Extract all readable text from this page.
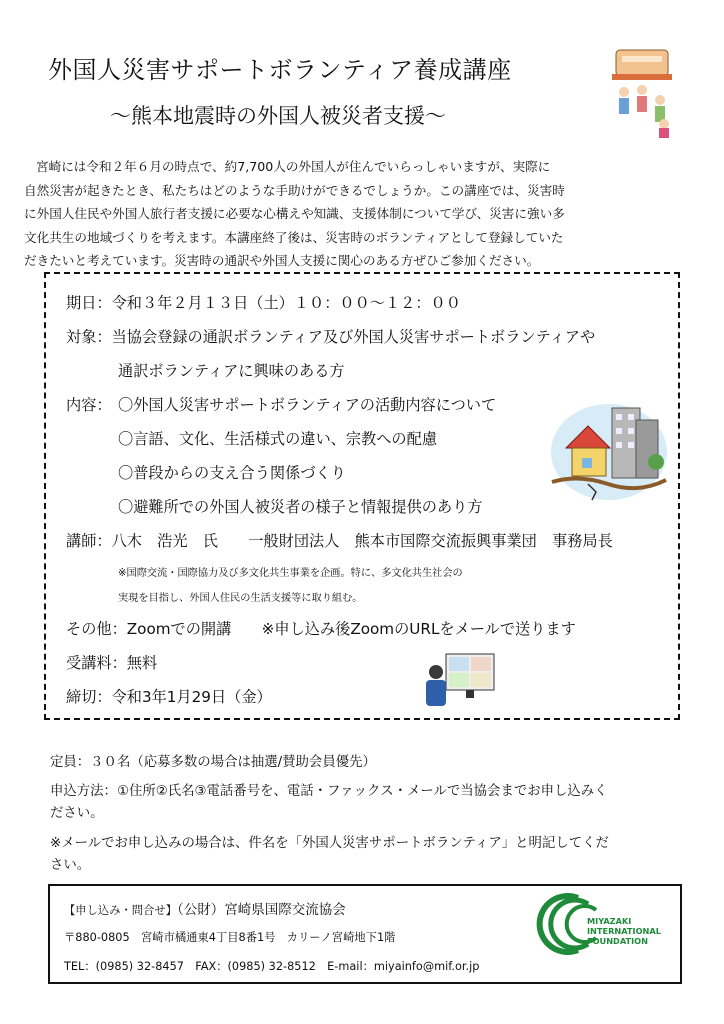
外国人災害サポートボランティア養成講座
〜熊本地震時の外国人被災者支援〜

宮崎には令和２年６月の時点で、約7,700人の外国人が住んでいらっしゃいますが、実際に

自然災害が起きたとき、私たちはどのような手助けができるでしょうか。この講座では、災害時

に外国人住民や外国人旅行者支援に必要な心構えや知識、支援体制について学び、災害に強い多

文化共生の地域づくりを考えます。本講座終了後は、災害時のボランティアとして登録していた

だきたいと考えています。災害時の通訳や外国人支援に関心のある方ぜひご参加ください。

期日：令和３年２月１３日（土）１０：００〜１２：００
対象：当協会登録の通訳ボランティア及び外国人災害サポートボランティアや
通訳ボランティアに興味のある方
内容： 〇外国人災害サポートボランティアの活動内容について
〇言語、文化、生活様式の違い、宗教への配慮
〇普段からの支え合う関係づくり
〇避難所での外国人被災者の様子と情報提供のあり方
講師：八木　浩光　氏　　一般財団法人　熊本市国際交流振興事業団　事務局長
※国際交流・国際協力及び多文化共生事業を企画。特に、多文化共生社会の
実現を目指し、外国人住民の生活支援等に取り組む。
その他：Zoomでの開講　　※申し込み後ZoomのURLをメールで送ります
受講料：無料
締切：令和3年1月29日（金）
定員：３０名（応募多数の場合は抽選/賛助会員優先）
申込方法：①住所②氏名③電話番号を、電話・ファックス・メールで当協会までお申し込みく
ださい。
※メールでお申し込みの場合は、件名を「外国人災害サポートボランティア」と明記してくだ
さい。
【申し込み・問合せ】（公財）宮崎県国際交流協会
〒880-0805　宮崎市橘通東4丁目8番1号　カリーノ宮崎地下1階
TEL：(0985) 32-8457　FAX：(0985) 32-8512　E-mail：miyainfo@mif.or.jp
MIYAZAKI
INTERNATIONAL
FOUNDATION
